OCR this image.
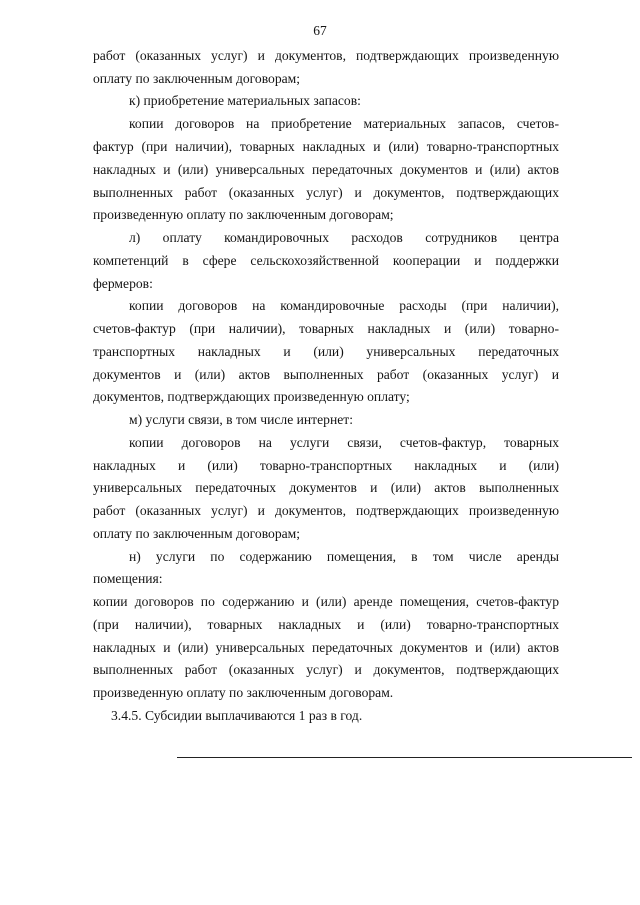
67
работ (оказанных услуг) и документов, подтверждающих произведенную
оплату по заключенным договорам;
к) приобретение материальных запасов:
копии договоров на приобретение материальных запасов, счетов-
фактур (при наличии), товарных накладных и (или) товарно-транспортных
накладных и (или) универсальных передаточных документов и (или) актов
выполненных работ (оказанных услуг) и документов, подтверждающих
произведенную оплату по заключенным договорам;
л) оплату командировочных расходов сотрудников центра
компетенций в сфере сельскохозяйственной кооперации и поддержки
фермеров:
копии договоров на командировочные расходы (при наличии),
счетов-фактур (при наличии), товарных накладных и (или) товарно-
транспортных накладных и (или) универсальных передаточных
документов и (или) актов выполненных работ (оказанных услуг) и
документов, подтверждающих произведенную оплату;
м) услуги связи, в том числе интернет:
копии договоров на услуги связи, счетов-фактур, товарных
накладных и (или) товарно-транспортных накладных и (или)
универсальных передаточных документов и (или) актов выполненных
работ (оказанных услуг) и документов, подтверждающих произведенную
оплату по заключенным договорам;
н) услуги по содержанию помещения, в том числе аренды
помещения:
копии договоров по содержанию и (или) аренде помещения, счетов-фактур
(при наличии), товарных накладных и (или) товарно-транспортных
накладных и (или) универсальных передаточных документов и (или) актов
выполненных работ (оказанных услуг) и документов, подтверждающих
произведенную оплату по заключенным договорам.
3.4.5. Субсидии выплачиваются 1 раз в год.
